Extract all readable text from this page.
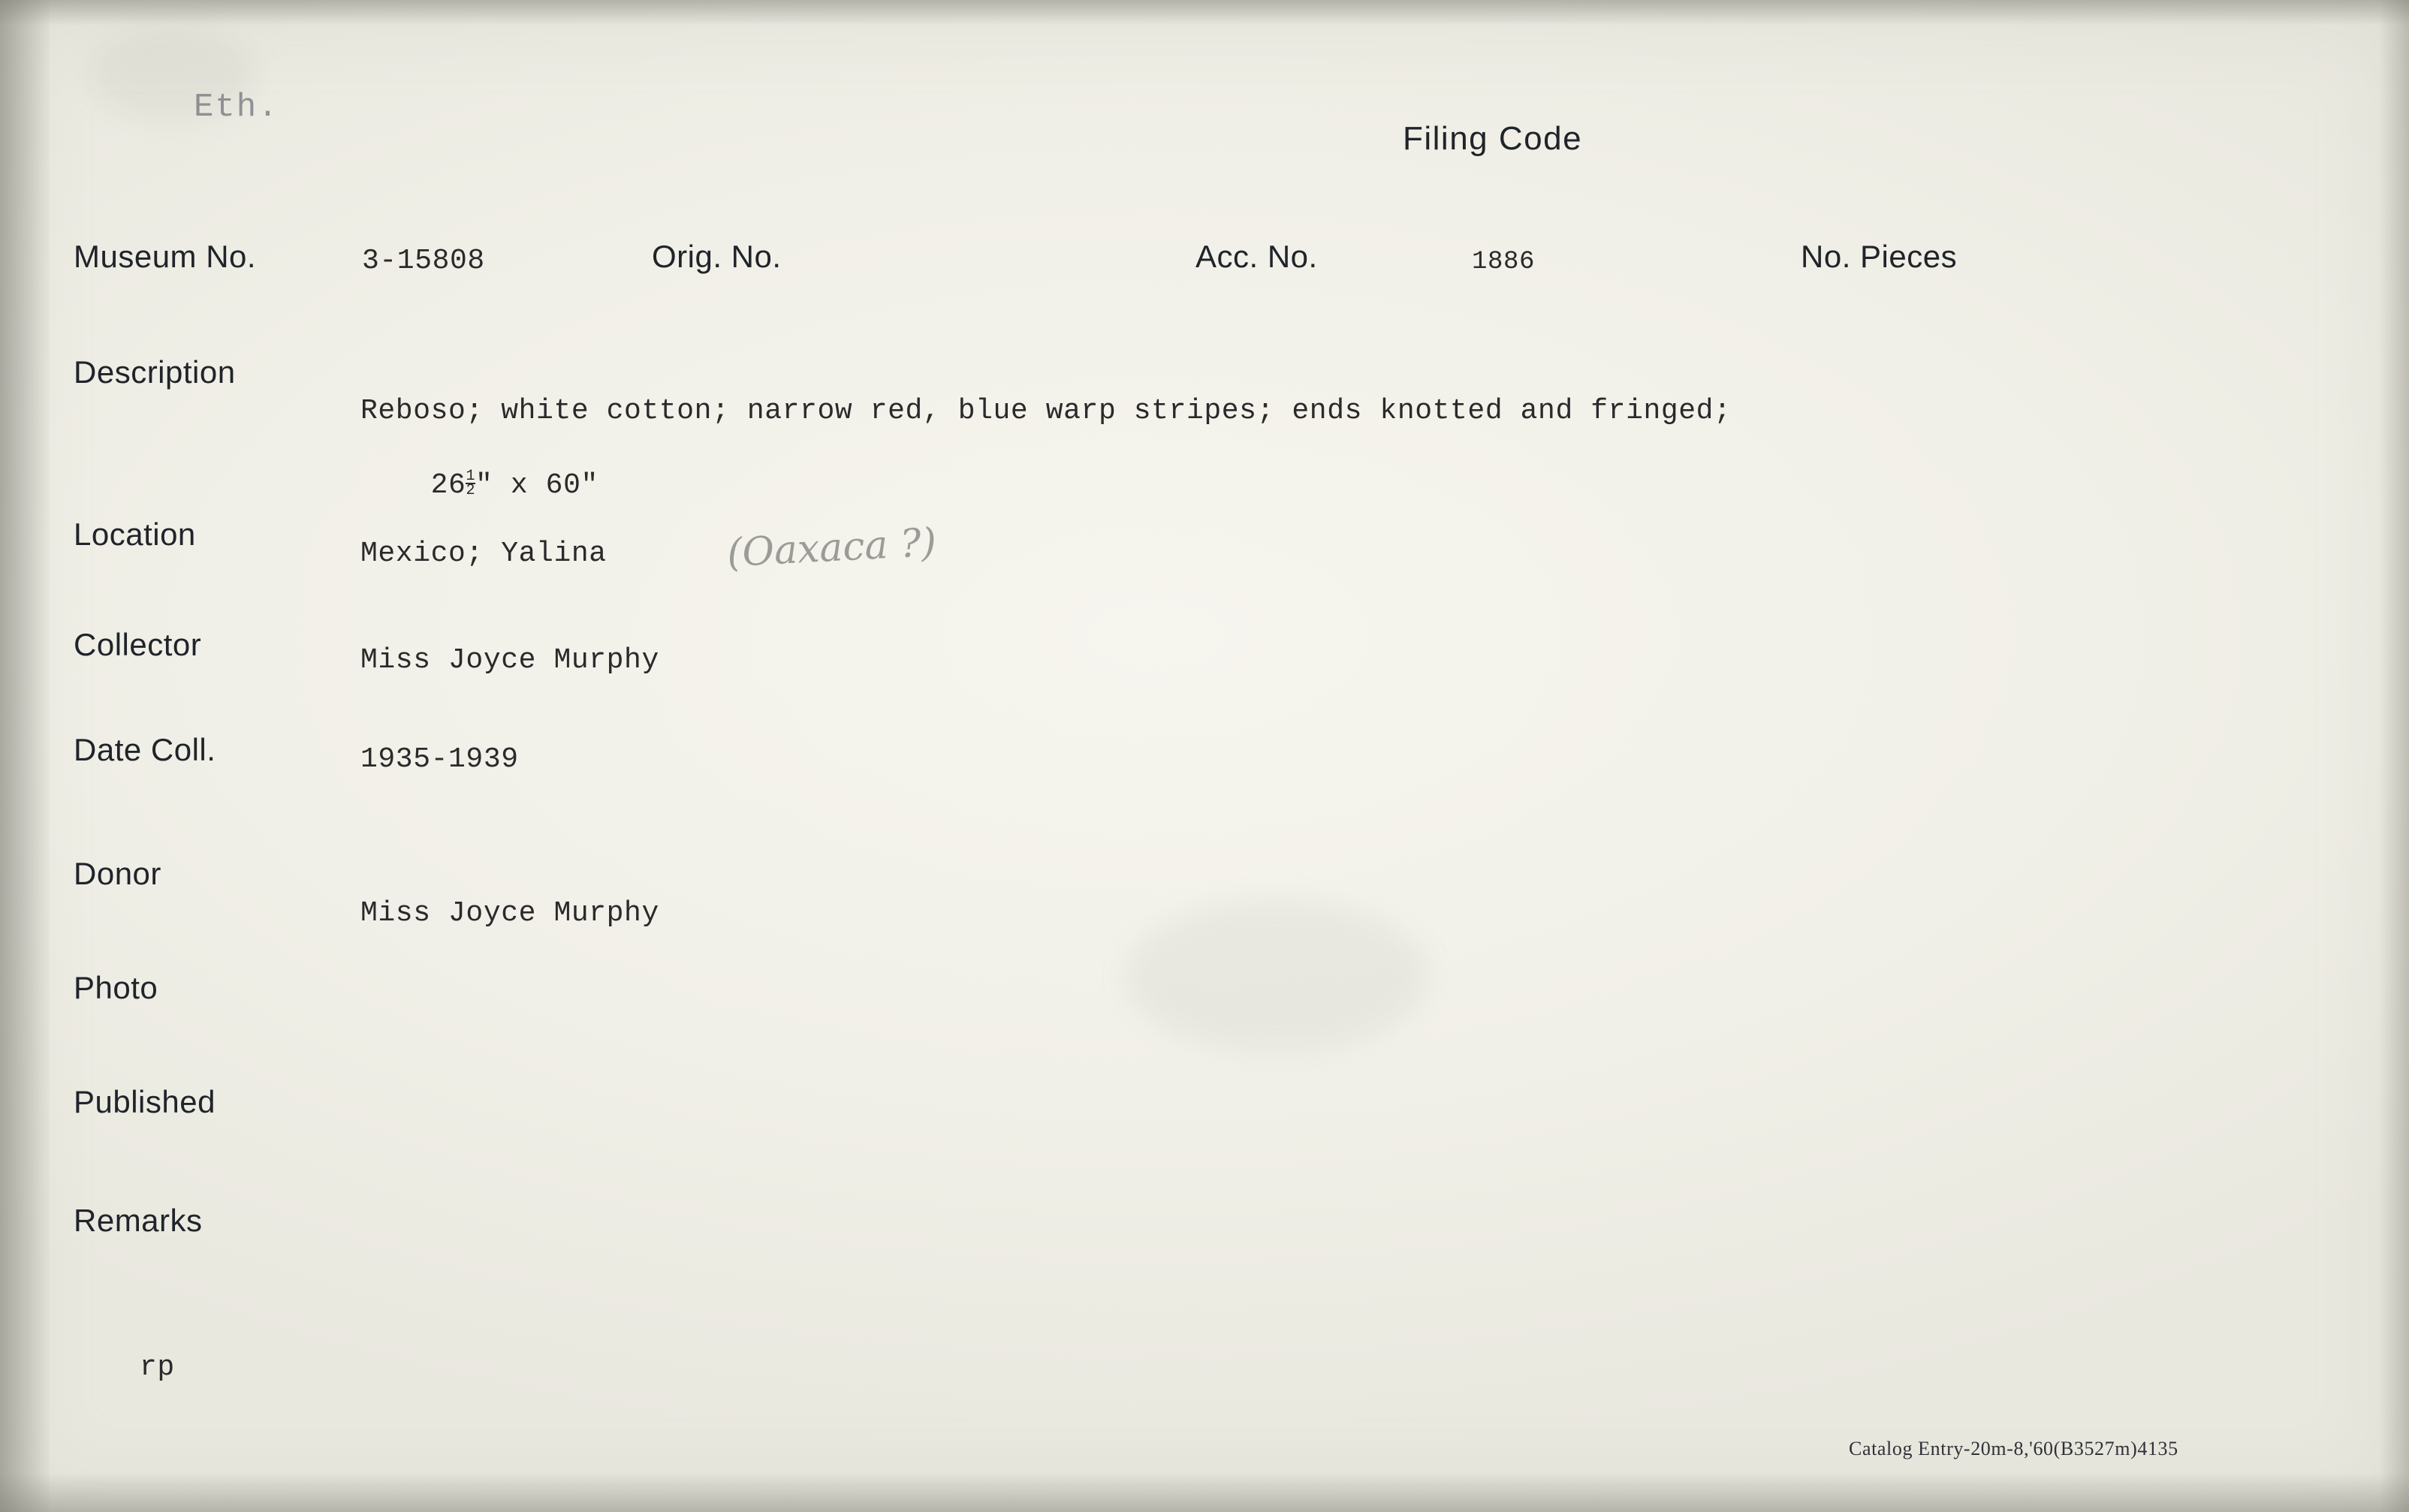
Eth.
Filing Code
Museum No.	3-15808	Orig. No.	Acc. No.	1886	No. Pieces
Description
Reboso; white cotton; narrow red, blue warp stripes; ends knotted and fringed;

$26 \frac{1}{2}$ " x 60"

Location
Mexico; Yalina	(Oaxaca ?)
Collector	Miss Joyce Murphy
Date Coll.	1935-1939
Donor
Miss Joyce Murphy
Photo
Published
Remarks
rp
Catalog Entry-20m-8,'60(B3527m)4135
